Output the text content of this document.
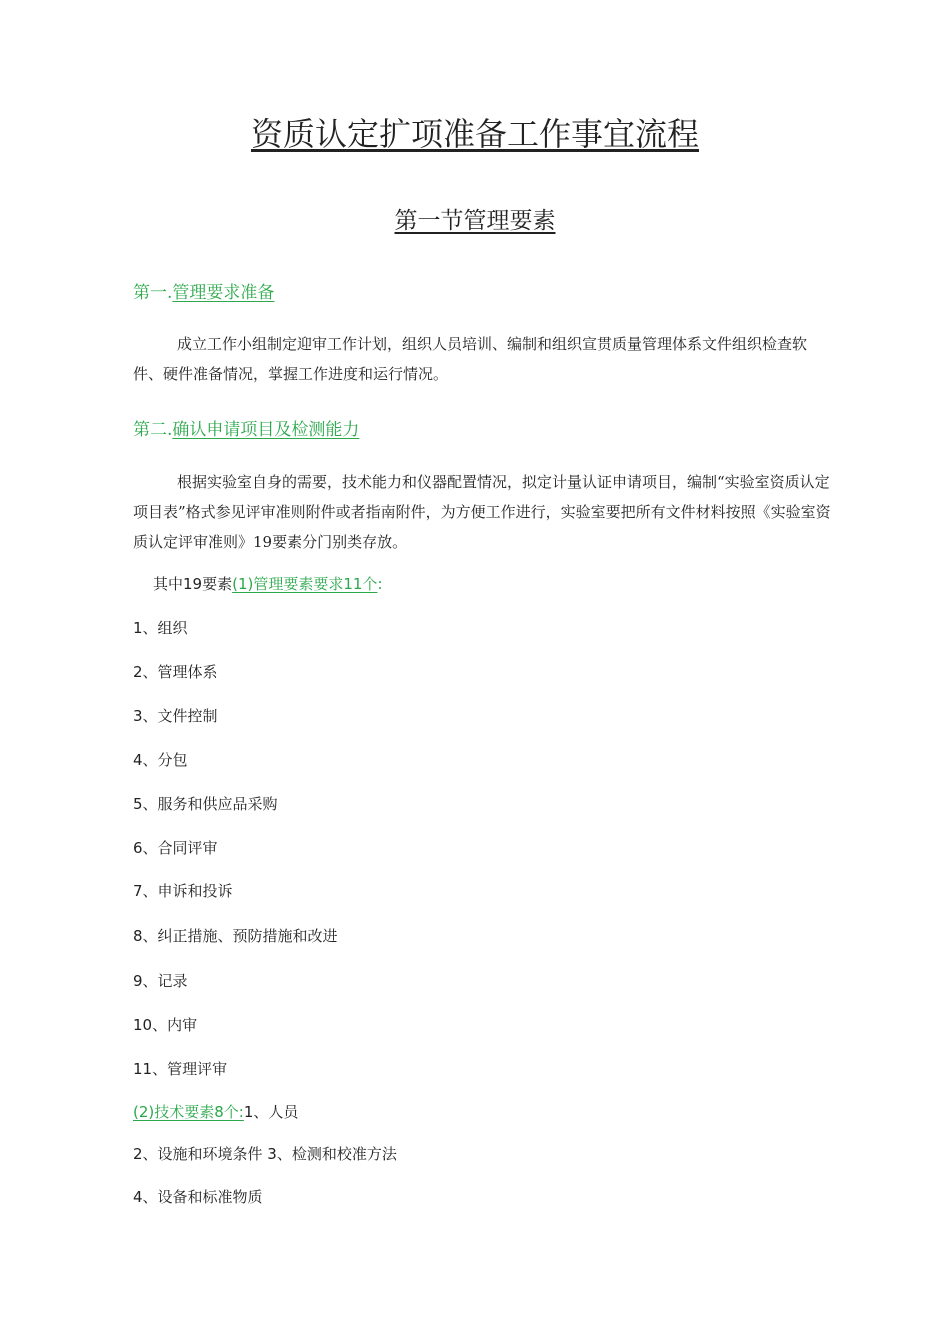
资质认定扩项准备工作事宜流程
第一节管理要素
第一.管理要求准备
成立工作小组制定迎审工作计划，组织人员培训、编制和组织宣贯质量管理体系文件组织检查软件、硬件准备情况，掌握工作进度和运行情况。
第二.确认申请项目及检测能力
根据实验室自身的需要，技术能力和仪器配置情况，拟定计量认证申请项目，编制“实验室资质认定项目表”格式参见评审准则附件或者指南附件，为方便工作进行，实验室要把所有文件材料按照《实验室资质认定评审准则》19要素分门别类存放。
其中19要素(1)管理要素要求11个:
1、组织
2、管理体系
3、文件控制
4、分包
5、服务和供应品采购
6、合同评审
7、申诉和投诉
8、纠正措施、预防措施和改进
9、记录
10、内审
11、管理评审
(2)技术要素8个:1、人员
2、设施和环境条件 3、检测和校准方法
4、设备和标准物质
